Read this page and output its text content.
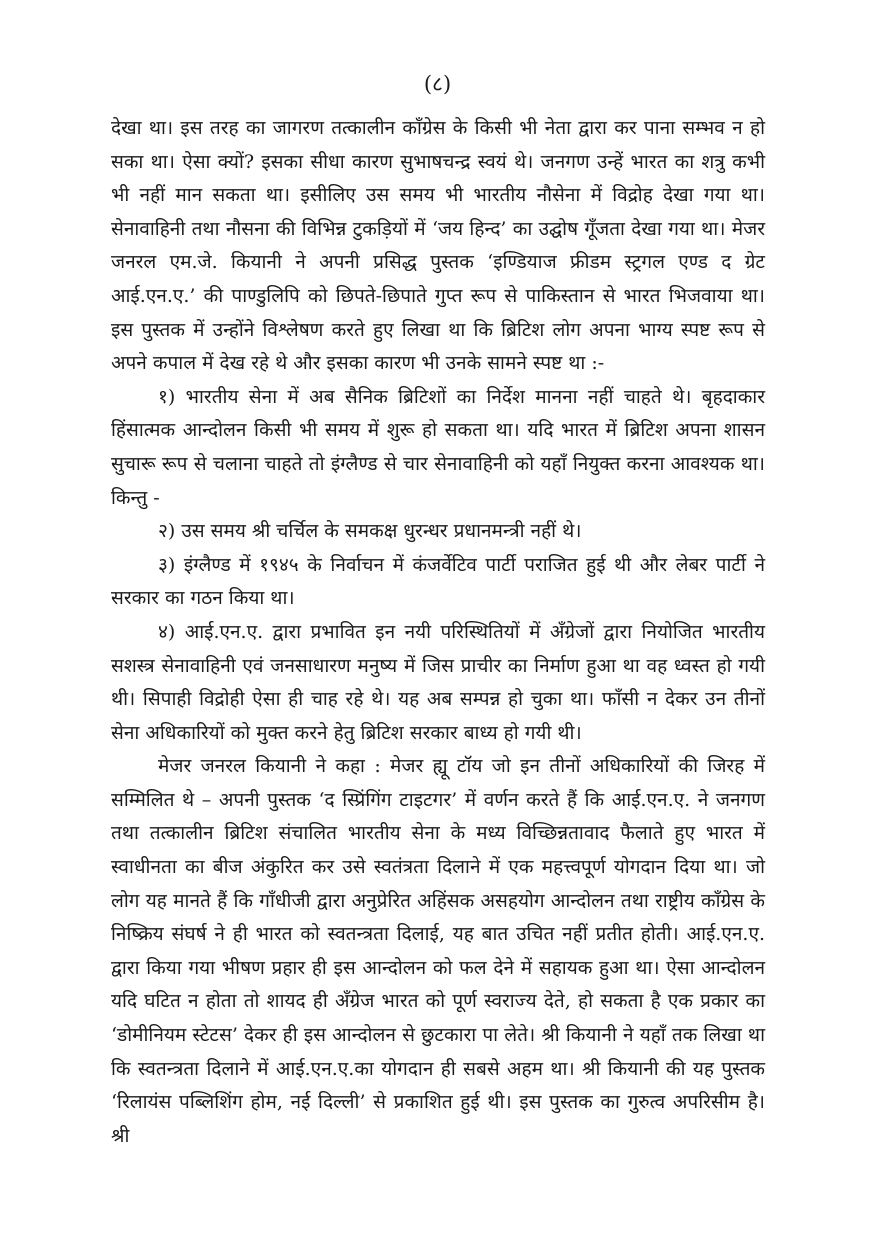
(८)

देखा था। इस तरह का जागरण तत्कालीन काँग्रेस के किसी भी नेता द्वारा कर पाना सम्भव न हो सका था। ऐसा क्यों? इसका सीधा कारण सुभाषचन्द्र स्वयं थे। जनगण उन्हें भारत का शत्रु कभी भी नहीं मान सकता था। इसीलिए उस समय भी भारतीय नौसेना में विद्रोह देखा गया था। सेनावाहिनी तथा नौसना की विभिन्न टुकड़ियों में ‘जय हिन्द’ का उद्घोष गूँजता देखा गया था। मेजर जनरल एम.जे. कियानी ने अपनी प्रसिद्ध पुस्तक ‘इण्डियाज फ्रीडम स्ट्रगल एण्ड द ग्रेट आई.एन.ए.’ की पाण्डुलिपि को छिपते-छिपाते गुप्त रूप से पाकिस्तान से भारत भिजवाया था। इस पुस्तक में उन्होंने विश्लेषण करते हुए लिखा था कि ब्रिटिश लोग अपना भाग्य स्पष्ट रूप से अपने कपाल में देख रहे थे और इसका कारण भी उनके सामने स्पष्ट था :-

१) भारतीय सेना में अब सैनिक ब्रिटिशों का निर्देश मानना नहीं चाहते थे। बृहदाकार हिंसात्मक आन्दोलन किसी भी समय में शुरू हो सकता था। यदि भारत में ब्रिटिश अपना शासन सुचारू रूप से चलाना चाहते तो इंग्लैण्ड से चार सेनावाहिनी को यहाँ नियुक्त करना आवश्यक था। किन्तु -

२) उस समय श्री चर्चिल के समकक्ष धुरन्धर प्रधानमन्त्री नहीं थे।

३) इंग्लैण्ड में १९४५ के निर्वाचन में कंजर्वेटिव पार्टी पराजित हुई थी और लेबर पार्टी ने सरकार का गठन किया था।

४) आई.एन.ए. द्वारा प्रभावित इन नयी परिस्थितियों में अँग्रेजों द्वारा नियोजित भारतीय सशस्त्र सेनावाहिनी एवं जनसाधारण मनुष्य में जिस प्राचीर का निर्माण हुआ था वह ध्वस्त हो गयी थी। सिपाही विद्रोही ऐसा ही चाह रहे थे। यह अब सम्पन्न हो चुका था। फाँसी न देकर उन तीनों सेना अधिकारियों को मुक्त करने हेतु ब्रिटिश सरकार बाध्य हो गयी थी।

मेजर जनरल कियानी ने कहा : मेजर ह्यू टॉय जो इन तीनों अधिकारियों की जिरह में सम्मिलित थे – अपनी पुस्तक ‘द स्प्रिंगिंग टाइटगर’ में वर्णन करते हैं कि आई.एन.ए. ने जनगण तथा तत्कालीन ब्रिटिश संचालित भारतीय सेना के मध्य विच्छिन्नतावाद फैलाते हुए भारत में स्वाधीनता का बीज अंकुरित कर उसे स्वतंत्रता दिलाने में एक महत्त्वपूर्ण योगदान दिया था। जो लोग यह मानते हैं कि गाँधीजी द्वारा अनुप्रेरित अहिंसक असहयोग आन्दोलन तथा राष्ट्रीय काँग्रेस के निष्क्रिय संघर्ष ने ही भारत को स्वतन्त्रता दिलाई, यह बात उचित नहीं प्रतीत होती। आई.एन.ए. द्वारा किया गया भीषण प्रहार ही इस आन्दोलन को फल देने में सहायक हुआ था। ऐसा आन्दोलन यदि घटित न होता तो शायद ही अँग्रेज भारत को पूर्ण स्वराज्य देते, हो सकता है एक प्रकार का ‘डोमीनियम स्टेटस’ देकर ही इस आन्दोलन से छुटकारा पा लेते। श्री कियानी ने यहाँ तक लिखा था कि स्वतन्त्रता दिलाने में आई.एन.ए.का योगदान ही सबसे अहम था। श्री कियानी की यह पुस्तक ‘रिलायंस पब्लिशिंग होम, नई दिल्ली’ से प्रकाशित हुई थी। इस पुस्तक का गुरुत्व अपरिसीम है। श्री
